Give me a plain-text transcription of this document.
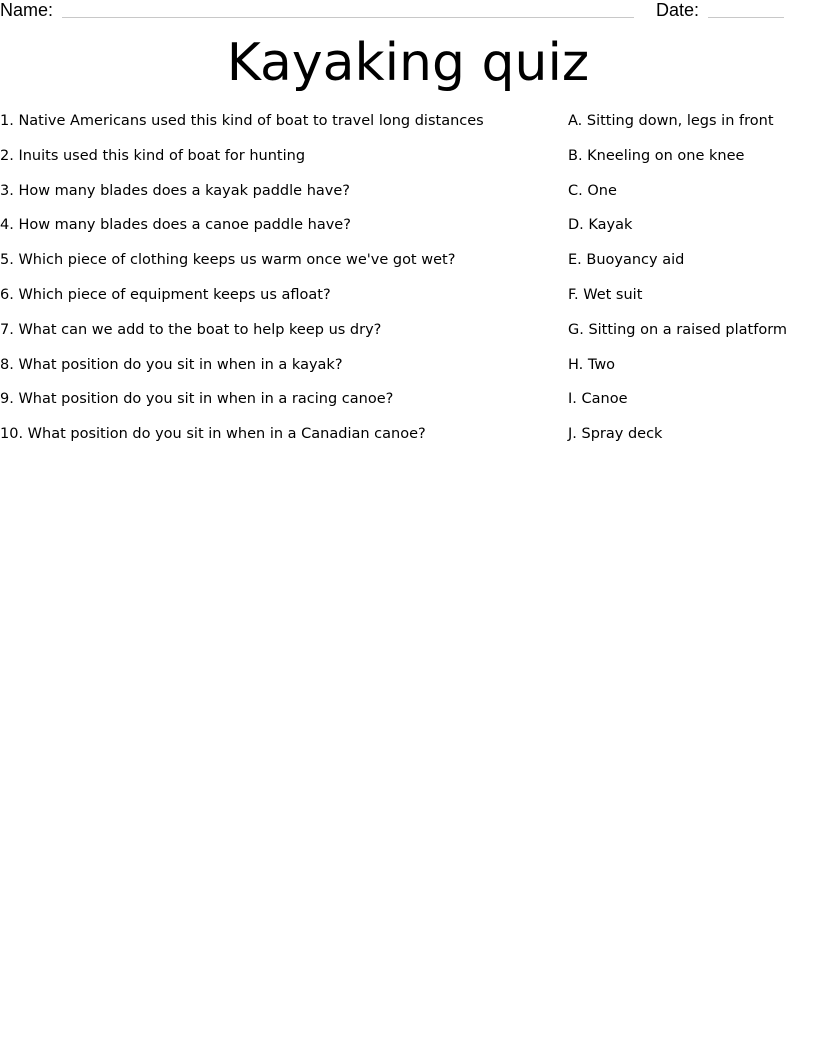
Name:	Date:
Kayaking quiz
1. Native Americans used this kind of boat to travel long distances
2. Inuits used this kind of boat for hunting
3. How many blades does a kayak paddle have?
4. How many blades does a canoe paddle have?
5. Which piece of clothing keeps us warm once we've got wet?
6. Which piece of equipment keeps us afloat?
7. What can we add to the boat to help keep us dry?
8. What position do you sit in when in a kayak?
9. What position do you sit in when in a racing canoe?
10. What position do you sit in when in a Canadian canoe?
A. Sitting down, legs in front
B. Kneeling on one knee
C. One
D. Kayak
E. Buoyancy aid
F. Wet suit
G. Sitting on a raised platform
H. Two
I. Canoe
J. Spray deck
